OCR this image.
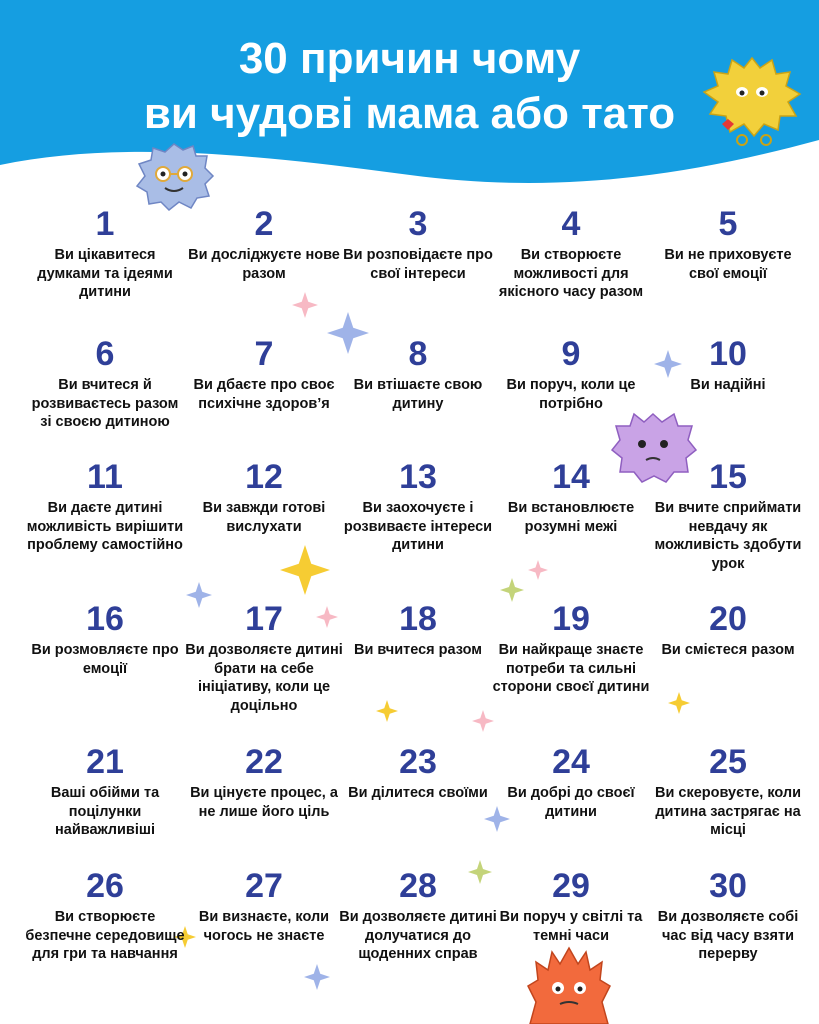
30 причин чому
ви чудові мама або тато
1
Ви цікавитеся думками та ідеями дитини
2
Ви досліджуєте нове разом
3
Ви розповідаєте про свої інтереси
4
Ви створюєте можливості для якісного часу разом
5
Ви не приховуєте свої емоції
6
Ви вчитеся й розвиваєтесь разом зі своєю дитиною
7
Ви дбаєте про своє психічне здоров’я
8
Ви втішаєте свою дитину
9
Ви поруч, коли це потрібно
10
Ви надійні
11
Ви даєте дитині можливість вирішити проблему самостійно
12
Ви завжди готові вислухати
13
Ви заохочуєте і розвиваєте інтереси дитини
14
Ви встановлюєте розумні межі
15
Ви вчите сприймати невдачу як можливість здобути урок
16
Ви розмовляєте про емоції
17
Ви дозволяєте дитині брати на себе ініціативу, коли це доцільно
18
Ви вчитеся разом
19
Ви найкраще знаєте потреби та сильні сторони своєї дитини
20
Ви смієтеся разом
21
Ваші обійми та поцілунки найважливіші
22
Ви цінуєте процес, а не лише його ціль
23
Ви ділитеся своїми
24
Ви добрі до своєї дитини
25
Ви скеровуєте, коли дитина застрягає на місці
26
Ви створюєте безпечне середовище для гри та навчання
27
Ви визнаєте, коли чогось не знаєте
28
Ви дозволяєте дитині долучатися до щоденних справ
29
Ви поруч у світлі та темні часи
30
Ви дозволяєте собі час від часу взяти перерву
